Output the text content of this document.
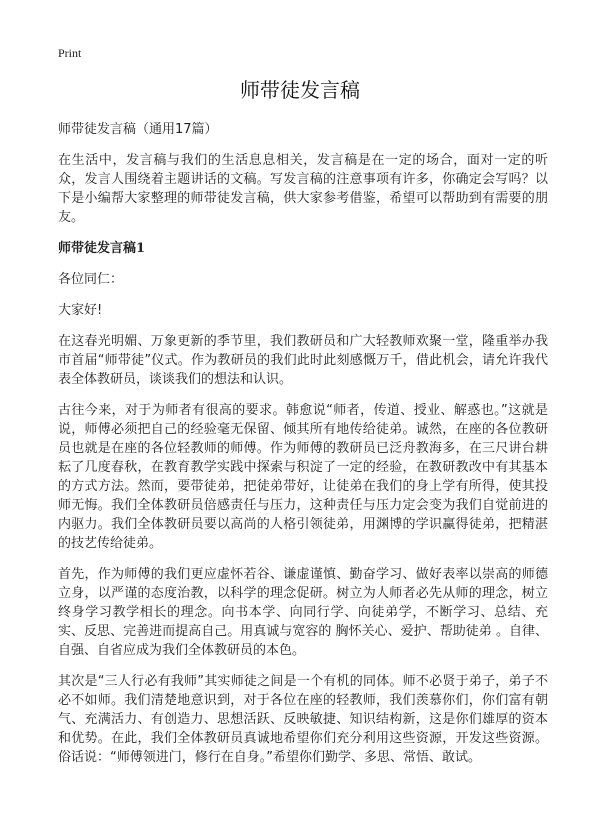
Print
师带徒发言稿

师带徒发言稿（通用17篇）

在生活中，发言稿与我们的生活息息相关，发言稿是在一定的场合，面对一定的听众，发言人围绕着主题讲话的文稿。写发言稿的注意事项有许多，你确定会写吗？以下是小编帮大家整理的师带徒发言稿，供大家参考借鉴，希望可以帮助到有需要的朋友。

师带徒发言稿1

各位同仁：

大家好!

在这春光明媚、万象更新的季节里，我们教研员和广大轻教师欢聚一堂，隆重举办我市首届“师带徒”仪式。作为教研员的我们此时此刻感慨万千，借此机会，请允许我代表全体教研员，谈谈我们的想法和认识。

古往今来，对于为师者有很高的要求。韩愈说“师者，传道、授业、解惑也。”这就是说，师傅必须把自己的经验毫无保留、倾其所有地传给徒弟。诚然，在座的各位教研员也就是在座的各位轻教师的师傅。作为师傅的教研员已泛舟教海多，在三尺讲台耕耘了几度春秋，在教育教学实践中探索与积淀了一定的经验，在教研教改中有其基本的方式方法。然而，要带徒弟，把徒弟带好，让徒弟在我们的身上学有所得，使其投师无悔。我们全体教研员倍感责任与压力，这种责任与压力定会变为我们自觉前进的内驱力。我们全体教研员要以高尚的人格引领徒弟，用渊博的学识赢得徒弟，把精湛的技艺传给徒弟。

首先，作为师傅的我们更应虚怀若谷、谦虚谨慎、勤奋学习、做好表率以崇高的师德立身，以严谨的态度治教，以科学的理念促研。树立为人师者必先从师的理念，树立终身学习教学相长的理念。向书本学、向同行学、向徒弟学，不断学习、总结、充实、反思、完善进而提高自己。用真诚与宽容的 胸怀关心、爱护、帮助徒弟 。自律、自强、自省应成为我们全体教研员的本色。

其次是“三人行必有我师”其实师徒之间是一个有机的同体。师不必贤于弟子，弟子不必不如师。我们清楚地意识到，对于各位在座的轻教师，我们羡慕你们，你们富有朝气、充满活力、有创造力、思想活跃、反映敏捷、知识结构新，这是你们雄厚的资本和优势。在此，我们全体教研员真诚地希望你们充分利用这些资源，开发这些资源。俗话说：“师傅领进门，修行在自身。”希望你们勤学、多思、常悟、敢试。
